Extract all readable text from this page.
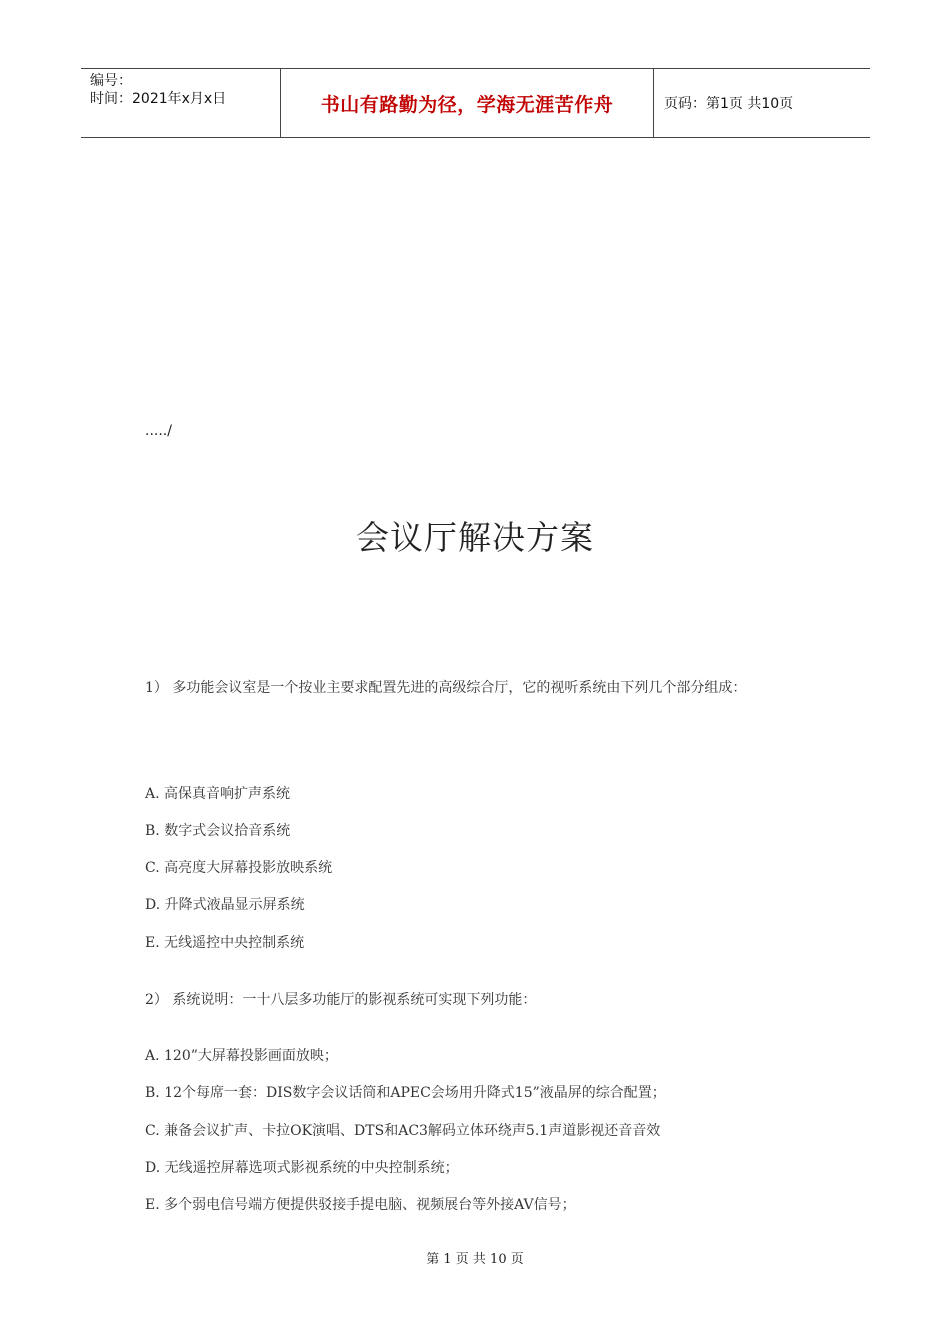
编号：
时间：2021年x月x日	书山有路勤为径，学海无涯苦作舟	页码：第1页 共10页
...../
会议厅解决方案
1） 多功能会议室是一个按业主要求配置先进的高级综合厅，它的视听系统由下列几个部分组成：
A. 高保真音响扩声系统
B. 数字式会议拾音系统
C. 高亮度大屏幕投影放映系统
D. 升降式液晶显示屏系统
E. 无线遥控中央控制系统
2） 系统说明：一十八层多功能厅的影视系统可实现下列功能：
A. 120”大屏幕投影画面放映；
B. 12个每席一套：DIS数字会议话筒和APEC会场用升降式15”液晶屏的综合配置；
C. 兼备会议扩声、卡拉OK演唱、DTS和AC3解码立体环绕声5.1声道影视还音音效
D. 无线遥控屏幕选项式影视系统的中央控制系统；
E. 多个弱电信号端方便提供驳接手提电脑、视频展台等外接AV信号；
第 1 页 共 10 页
